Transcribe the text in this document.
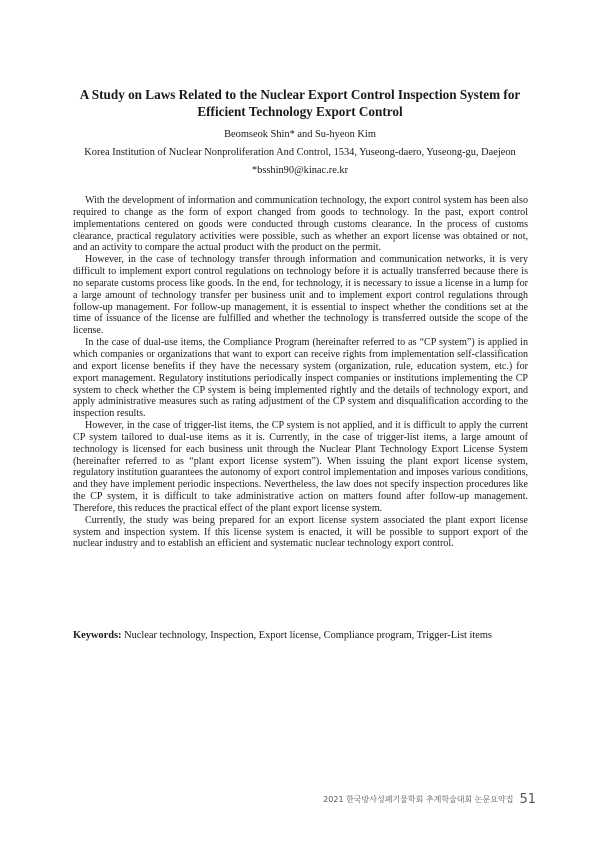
A Study on Laws Related to the Nuclear Export Control Inspection System for
Efficient Technology Export Control

Beomseok Shin* and Su-hyeon Kim

Korea Institution of Nuclear Nonproliferation And Control, 1534, Yuseong-daero, Yuseong-gu, Daejeon

*bsshin90@kinac.re.kr

With the development of information and communication technology, the export control system has been also required to change as the form of export changed from goods to technology. In the past, export control implementations centered on goods were conducted through customs clearance. In the process of customs clearance, practical regulatory activities were possible, such as whether an export license was obtained or not, and an activity to compare the actual product with the product on the permit.

However, in the case of technology transfer through information and communication networks, it is very difficult to implement export control regulations on technology before it is actually transferred because there is no separate customs process like goods. In the end, for technology, it is necessary to issue a license in a lump for a large amount of technology transfer per business unit and to implement export control regulations through follow-up management. For follow-up management, it is essential to inspect whether the conditions set at the time of issuance of the license are fulfilled and whether the technology is transferred outside the scope of the license.

In the case of dual-use items, the Compliance Program (hereinafter referred to as “CP system”) is applied in which companies or organizations that want to export can receive rights from implementation self-classification and export license benefits if they have the necessary system (organization, rule, education system, etc.) for export management. Regulatory institutions periodically inspect companies or institutions implementing the CP system to check whether the CP system is being implemented rightly and the details of technology export, and apply administrative measures such as rating adjustment of the CP system and disqualification according to the inspection results.

However, in the case of trigger-list items, the CP system is not applied, and it is difficult to apply the current CP system tailored to dual-use items as it is. Currently, in the case of trigger-list items, a large amount of technology is licensed for each business unit through the Nuclear Plant Technology Export License System (hereinafter referred to as “plant export license system”). When issuing the plant export license system, regulatory institution guarantees the autonomy of export control implementation and imposes various conditions, and they have implement periodic inspections. Nevertheless, the law does not specify inspection procedures like the CP system, it is difficult to take administrative action on matters found after follow-up management. Therefore, this reduces the practical effect of the plant export license system.

Currently, the study was being prepared for an export license system associated the plant export license system and inspection system. If this license system is enacted, it will be possible to support export of the nuclear industry and to establish an efficient and systematic nuclear technology export control.

Keywords: Nuclear technology, Inspection, Export license, Compliance program, Trigger-List items

2021 한국방사성폐기물학회 추계학술대회 논문요약집 51
